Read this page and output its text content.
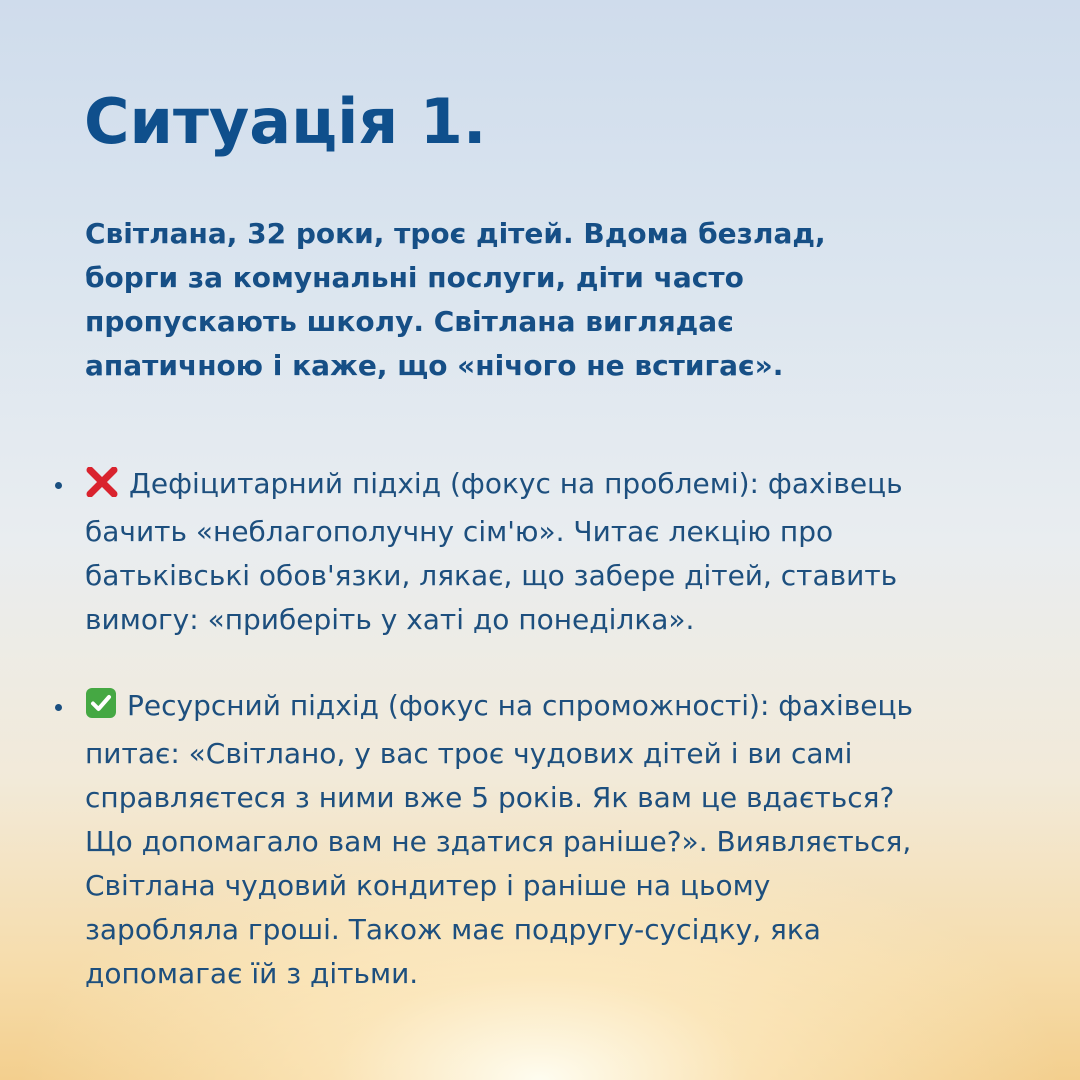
Ситуація 1.

Світлана, 32 роки, троє дітей. Вдома безлад,
борги за комунальні послуги, діти часто
пропускають школу. Світлана виглядає
апатичною і каже, що «нічого не встигає».

Дефіцитарний підхід (фокус на проблемі): фахівець
бачить «неблагополучну сім'ю». Читає лекцію про
батьківські обов'язки, лякає, що забере дітей, ставить
вимогу: «приберіть у хаті до понеділка».
Ресурсний підхід (фокус на спроможності): фахівець
питає: «Світлано, у вас троє чудових дітей і ви самі
справляєтеся з ними вже 5 років. Як вам це вдається?
Що допомагало вам не здатися раніше?». Виявляється,
Світлана чудовий кондитер і раніше на цьому
заробляла гроші. Також має подругу-сусідку, яка
допомагає їй з дітьми.
